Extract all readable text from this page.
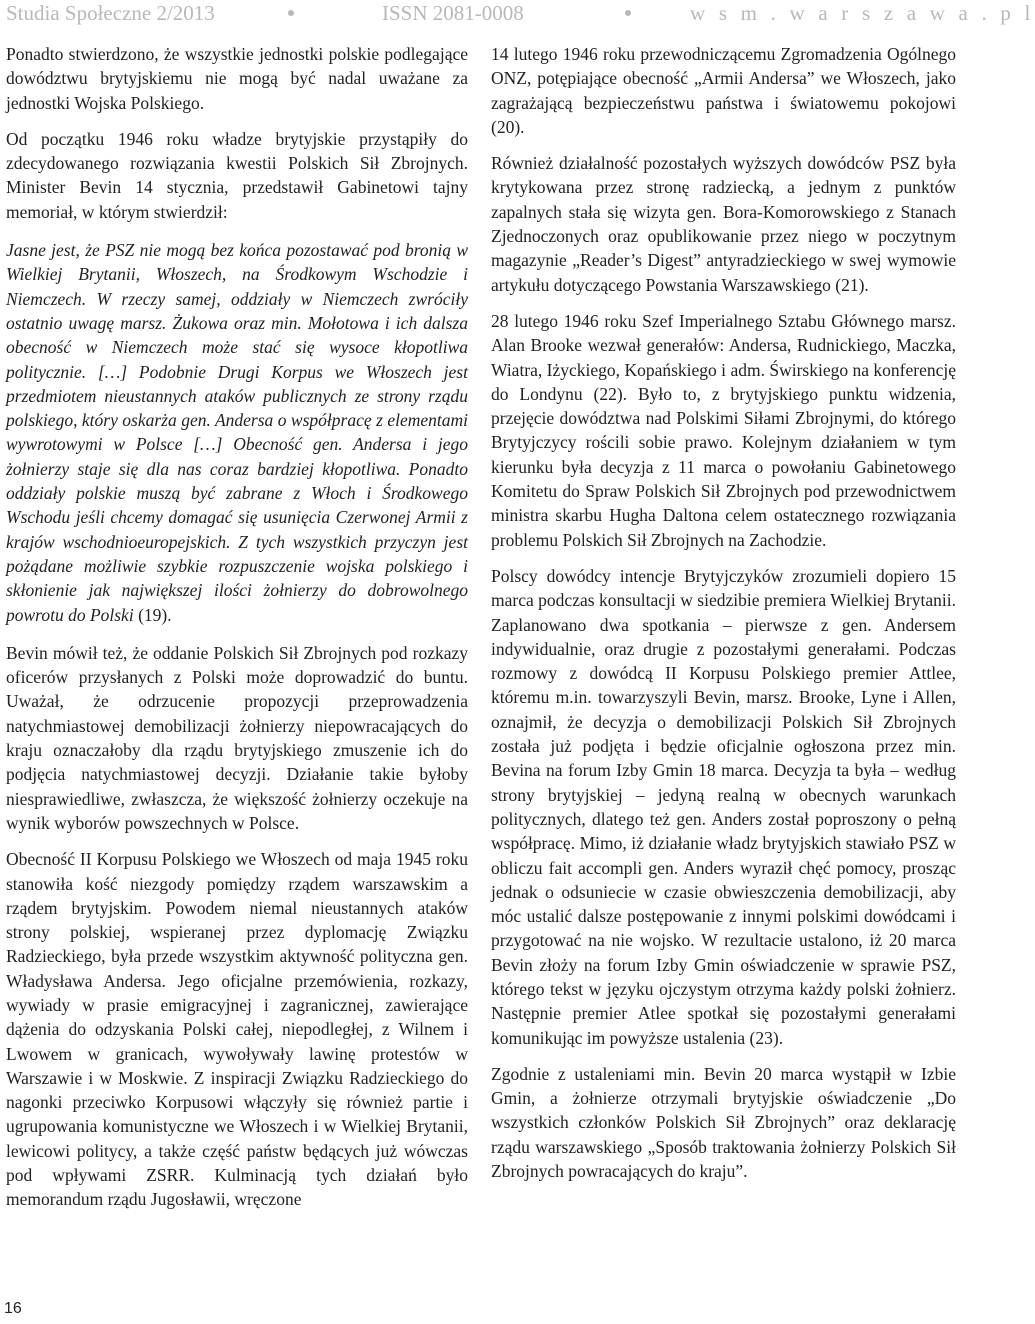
Studia Społeczne 2/2013	ISSN 2081-0008	w s m . w a r s z a w a . p l

Ponadto stwierdzono, że wszystkie jednostki polskie podlegające dowództwu brytyjskiemu nie mogą być nadal uważane za jednostki Wojska Polskiego.

Od początku 1946 roku władze brytyjskie przystąpiły do zdecydowanego rozwiązania kwestii Polskich Sił Zbrojnych. Minister Bevin 14 stycznia, przedstawił Gabinetowi tajny memoriał, w którym stwierdził:

Jasne jest, że PSZ nie mogą bez końca pozostawać pod bronią w Wielkiej Brytanii, Włoszech, na Środkowym Wschodzie i Niemczech. W rzeczy samej, oddziały w Niemczech zwróciły ostatnio uwagę marsz. Żukowa oraz min. Mołotowa i ich dalsza obecność w Niemczech może stać się wysoce kłopotliwa politycznie. […] Podobnie Drugi Korpus we Włoszech jest przedmiotem nieustannych ataków publicznych ze strony rządu polskiego, który oskarża gen. Andersa o współpracę z elementami wywrotowymi w Polsce […] Obecność gen. Andersa i jego żołnierzy staje się dla nas coraz bardziej kłopotliwa. Ponadto oddziały polskie muszą być zabrane z Włoch i Środkowego Wschodu jeśli chcemy domagać się usunięcia Czerwonej Armii z krajów wschodnioeuropejskich. Z tych wszystkich przyczyn jest pożądane możliwie szybkie rozpuszczenie wojska polskiego i skłonienie jak największej ilości żołnierzy do dobrowolnego powrotu do Polski (19).

Bevin mówił też, że oddanie Polskich Sił Zbrojnych pod rozkazy oficerów przysłanych z Polski może doprowadzić do buntu. Uważał, że odrzucenie propozycji przeprowadzenia natychmiastowej demobilizacji żołnierzy niepowracających do kraju oznaczałoby dla rządu brytyjskiego zmuszenie ich do podjęcia natychmiastowej decyzji. Działanie takie byłoby niesprawiedliwe, zwłaszcza, że większość żołnierzy oczekuje na wynik wyborów powszechnych w Polsce.

Obecność II Korpusu Polskiego we Włoszech od maja 1945 roku stanowiła kość niezgody pomiędzy rządem warszawskim a rządem brytyjskim. Powodem niemal nieustannych ataków strony polskiej, wspieranej przez dyplomację Związku Radzieckiego, była przede wszystkim aktywność polityczna gen. Władysława Andersa. Jego oficjalne przemówienia, rozkazy, wywiady w prasie emigracyjnej i zagranicznej, zawierające dążenia do odzyskania Polski całej, niepodległej, z Wilnem i Lwowem w granicach, wywoływały lawinę protestów w Warszawie i w Moskwie. Z inspiracji Związku Radzieckiego do nagonki przeciwko Korpusowi włączyły się również partie i ugrupowania komunistyczne we Włoszech i w Wielkiej Brytanii, lewicowi politycy, a także część państw będących już wówczas pod wpływami ZSRR. Kulminacją tych działań było memorandum rządu Jugosławii, wręczone

14 lutego 1946 roku przewodniczącemu Zgromadzenia Ogólnego ONZ, potępiające obecność „Armii Andersa” we Włoszech, jako zagrażającą bezpieczeństwu państwa i światowemu pokojowi (20).

Również działalność pozostałych wyższych dowódców PSZ była krytykowana przez stronę radziecką, a jednym z punktów zapalnych stała się wizyta gen. Bora-Komorowskiego z Stanach Zjednoczonych oraz opublikowanie przez niego w poczytnym magazynie „Reader’s Digest” antyradzieckiego w swej wymowie artykułu dotyczącego Powstania Warszawskiego (21).

28 lutego 1946 roku Szef Imperialnego Sztabu Głównego marsz. Alan Brooke wezwał generałów: Andersa, Rudnickiego, Maczka, Wiatra, Iżyckiego, Kopańskiego i adm. Świrskiego na konferencję do Londynu (22). Było to, z brytyjskiego punktu widzenia, przejęcie dowództwa nad Polskimi Siłami Zbrojnymi, do którego Brytyjczycy rościli sobie prawo. Kolejnym działaniem w tym kierunku była decyzja z 11 marca o powołaniu Gabinetowego Komitetu do Spraw Polskich Sił Zbrojnych pod przewodnictwem ministra skarbu Hugha Daltona celem ostatecznego rozwiązania problemu Polskich Sił Zbrojnych na Zachodzie.

Polscy dowódcy intencje Brytyjczyków zrozumieli dopiero 15 marca podczas konsultacji w siedzibie premiera Wielkiej Brytanii. Zaplanowano dwa spotkania – pierwsze z gen. Andersem indywidualnie, oraz drugie z pozostałymi generałami. Podczas rozmowy z dowódcą II Korpusu Polskiego premier Attlee, któremu m.in. towarzyszyli Bevin, marsz. Brooke, Lyne i Allen, oznajmił, że decyzja o demobilizacji Polskich Sił Zbrojnych została już podjęta i będzie oficjalnie ogłoszona przez min. Bevina na forum Izby Gmin 18 marca. Decyzja ta była – według strony brytyjskiej – jedyną realną w obecnych warunkach politycznych, dlatego też gen. Anders został poproszony o pełną współpracę. Mimo, iż działanie władz brytyjskich stawiało PSZ w obliczu fait accompli gen. Anders wyraził chęć pomocy, prosząc jednak o odsuniecie w czasie obwieszczenia demobilizacji, aby móc ustalić dalsze postępowanie z innymi polskimi dowódcami i przygotować na nie wojsko. W rezultacie ustalono, iż 20 marca Bevin złoży na forum Izby Gmin oświadczenie w sprawie PSZ, którego tekst w języku ojczystym otrzyma każdy polski żołnierz. Następnie premier Atlee spotkał się pozostałymi generałami komunikując im powyższe ustalenia (23).

Zgodnie z ustaleniami min. Bevin 20 marca wystąpił w Izbie Gmin, a żołnierze otrzymali brytyjskie oświadczenie „Do wszystkich członków Polskich Sił Zbrojnych” oraz deklarację rządu warszawskiego „Sposób traktowania żołnierzy Polskich Sił Zbrojnych powracających do kraju”.

16
